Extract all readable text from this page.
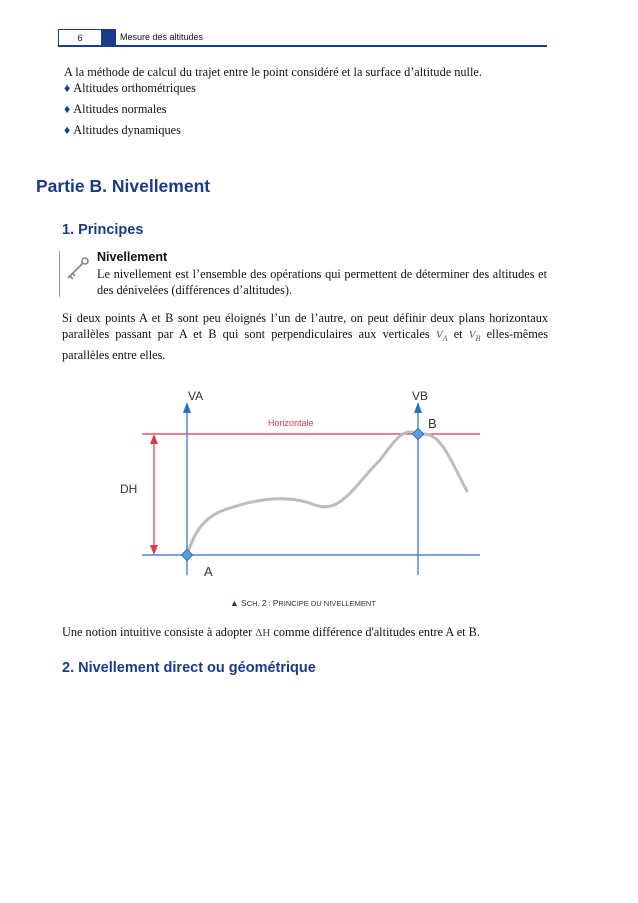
6	Mesure des altitudes
A la méthode de calcul du trajet entre le point considéré et la surface d’altitude nulle.
♦ Altitudes orthométriques
♦ Altitudes normales
♦ Altitudes dynamiques
Partie B. Nivellement
1. Principes
Nivellement
Le nivellement est l’ensemble des opérations qui permettent de déterminer des altitudes et des dénivelées (différences d’altitudes).
Si deux points A et B sont peu éloignés l’un de l’autre, on peut définir deux plans horizontaux parallèles passant par A et B qui sont perpendiculaires aux verticales $V_A$ et $V_B$ elles-mêmes parallèles entre elles.
VA	VB
Horizontale
DH
A
B
▲ SCH. 2 : PRINCIPE DU NIVELLEMENT
Une notion intuitive consiste à adopter ΔH comme différence d'altitudes entre A et B.
2. Nivellement direct ou géométrique
